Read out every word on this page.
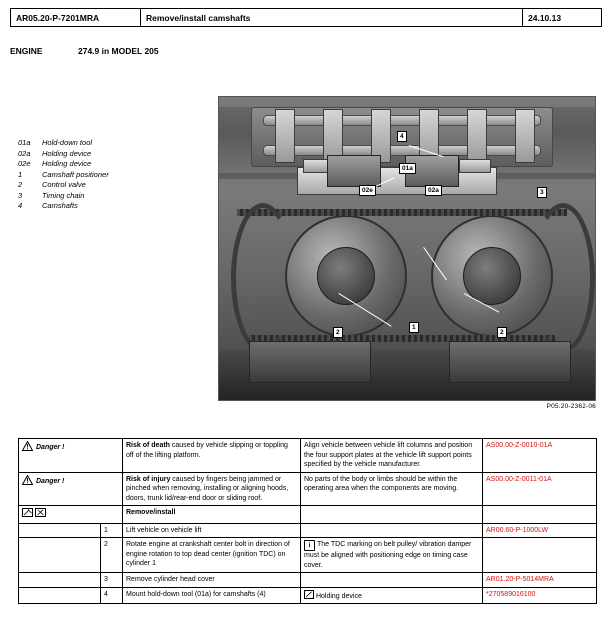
AR05.20-P-7201MRA	Remove/install camshafts	24.10.13
ENGINE	274.9 in MODEL 205
01a	Hold-down tool
02a	Holding device
02e	Holding device
1	Camshaft positioner
2	Control valve
3	Timing chain
4	Camshafts
4
01a
02e	02a	3
1
2	2
P05.20-2362-06
Danger !		Risk of death caused by vehicle slipping or toppling off of the lifting platform.	Align vehicle between vehicle lift columns and position the four support plates at the vehicle lift support points specified by the vehicle manufacturer.	AS00.00-Z-0010-01A

Danger !		Risk of injury caused by fingers being jammed or pinched when removing, installing or aligning hoods, doors, trunk lid/rear-end door or sliding roof.	No parts of the body or limbs should be within the operating area when the components are moving.	AS00.00-Z-0011-01A
	Remove/install		
	1	Lift vehicle on vehicle lift		AR00.60-P-1000LW
	2	Rotate engine at crankshaft center bolt in direction of engine rotation to top dead center (ignition TDC) on cylinder 1	i The TDC marking on belt pulley/ vibration damper must be aligned with positioning edge on timing case cover.	
	3	Remove cylinder head cover		AR01.20-P-5014MRA
	4	Mount hold-down tool (01a) for camshafts (4)	Holding device	*270589016100
